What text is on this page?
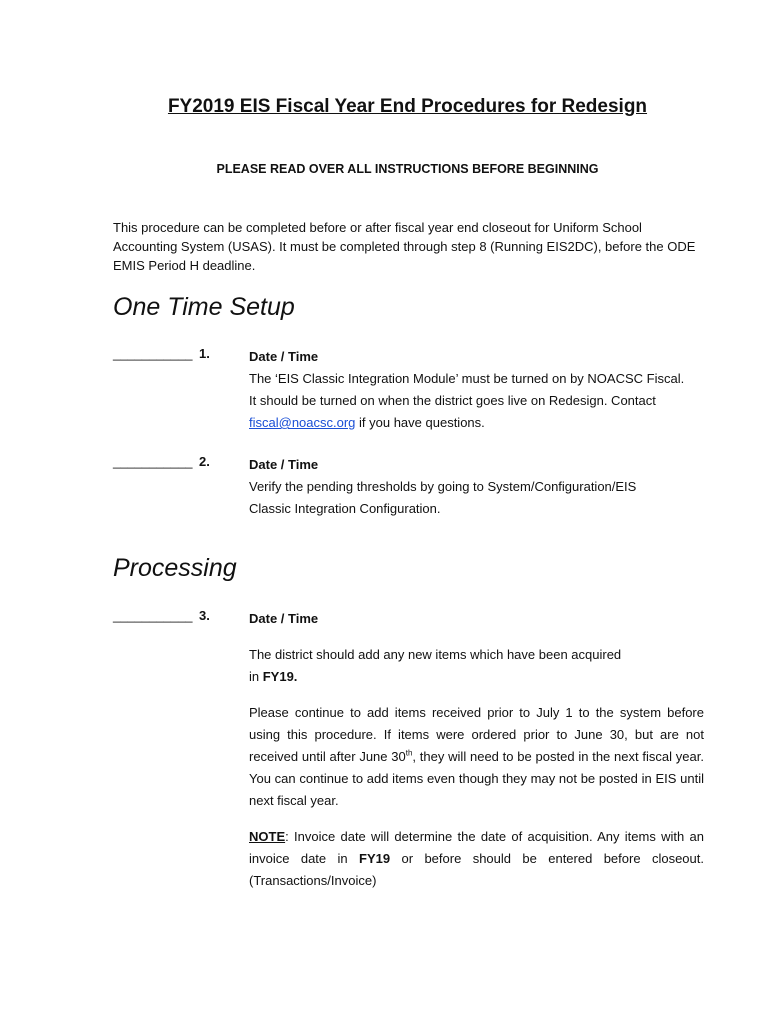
FY2019 EIS Fiscal Year End Procedures for Redesign
PLEASE READ OVER ALL INSTRUCTIONS BEFORE BEGINNING
This procedure can be completed before or after fiscal year end closeout for Uniform School Accounting System (USAS). It must be completed through step 8 (Running EIS2DC), before the ODE EMIS Period H deadline.
One Time Setup
___________ 1.	Date / Time
The ‘EIS Classic Integration Module’ must be turned on by NOACSC Fiscal.
It should be turned on when the district goes live on Redesign. Contact
fiscal@noacsc.org if you have questions.
___________ 2.	Date / Time
Verify the pending thresholds by going to System/Configuration/EIS
Classic Integration Configuration.
Processing
___________ 3.	Date / Time

The district should add any new items which have been acquired
in FY19.

Please continue to add items received prior to July 1 to the system before using this procedure. If items were ordered prior to June 30, but are not received until after June 30th, they will need to be posted in the next fiscal year. You can continue to add items even though they may not be posted in EIS until next fiscal year.

NOTE: Invoice date will determine the date of acquisition. Any items with an invoice date in FY19 or before should be entered before closeout. (Transactions/Invoice)
